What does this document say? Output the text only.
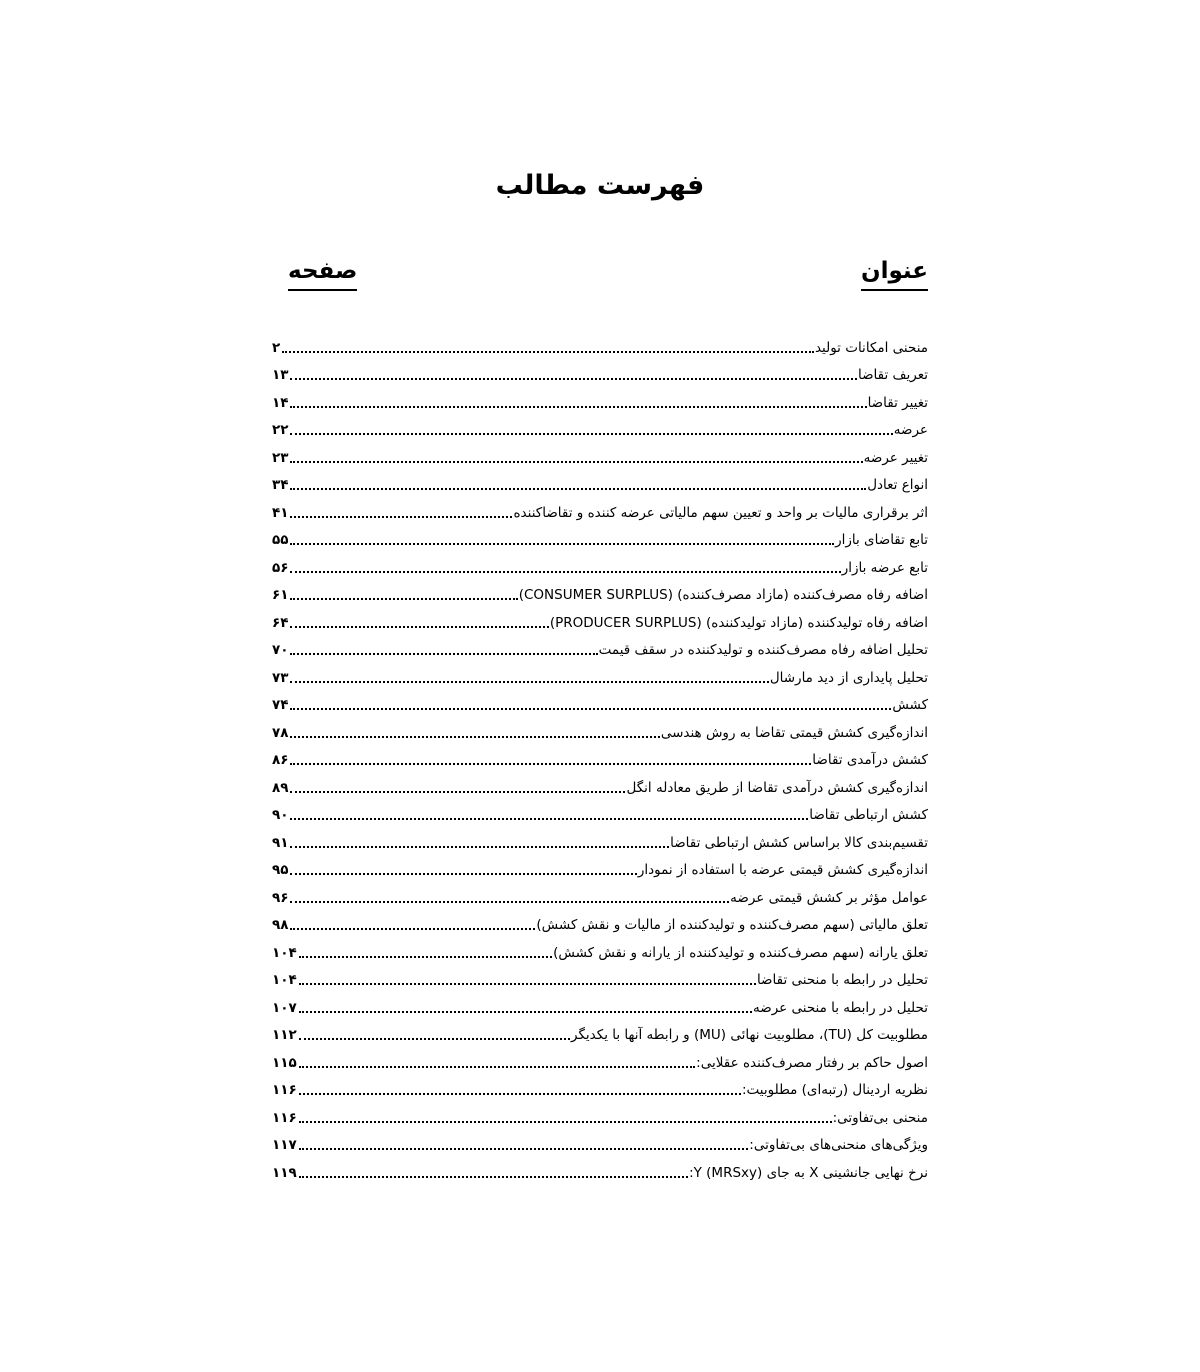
فهرست مطالب
عنوان
صفحه
منحنی امکانات تولید
۲
تعریف تقاضا
۱۳
تغییر تقاضا
۱۴
عرضه
۲۲
تغییر عرضه
۲۳
انواع تعادل
۳۴
اثر برقراری مالیات بر واحد و تعیین سهم مالیاتی عرضه کننده و تقاضاکننده
۴۱
تابع تقاضای بازار
۵۵
تابع عرضه بازار
۵۶
اضافه رفاه مصرف‌کننده (مازاد مصرف‌کننده) (CONSUMER SURPLUS)
۶۱
اضافه رفاه تولیدکننده (مازاد تولیدکننده) (PRODUCER SURPLUS)
۶۴
تحلیل اضافه رفاه مصرف‌کننده و تولیدکننده در سقف قیمت
۷۰
تحلیل پایداری از دید مارشال
۷۳
کشش
۷۴
اندازه‌گیری کشش قیمتی تقاضا به روش هندسی
۷۸
کشش درآمدی تقاضا
۸۶
اندازه‌گیری کشش درآمدی تقاضا از طریق معادله انگل
۸۹
کشش ارتباطی تقاضا
۹۰
تقسیم‌بندی کالا براساس کشش ارتباطی تقاضا
۹۱
اندازه‌گیری کشش قیمتی عرضه با استفاده از نمودار
۹۵
عوامل مؤثر بر کشش قیمتی عرضه
۹۶
تعلق مالیاتی (سهم مصرف‌کننده و تولیدکننده از مالیات و نقش کشش)
۹۸
تعلق یارانه (سهم مصرف‌کننده و تولیدکننده از یارانه و نقش کشش)
۱۰۴
تحلیل در رابطه با منحنی تقاضا
۱۰۴
تحلیل در رابطه با منحنی عرضه
۱۰۷
مطلوبیت کل (TU)، مطلوبیت نهائی (MU) و رابطه آنها با یکدیگر
۱۱۲
اصول حاکم بر رفتار مصرف‌کننده عقلایی:
۱۱۵
نظریه اردینال (رتبه‌ای) مطلوبیت:
۱۱۶
منحنی بی‌تفاوتی:
۱۱۶
ویژگی‌های منحنی‌های بی‌تفاوتی:
۱۱۷
نرخ نهایی جانشینی X به جای Y (MRSxy):
۱۱۹
